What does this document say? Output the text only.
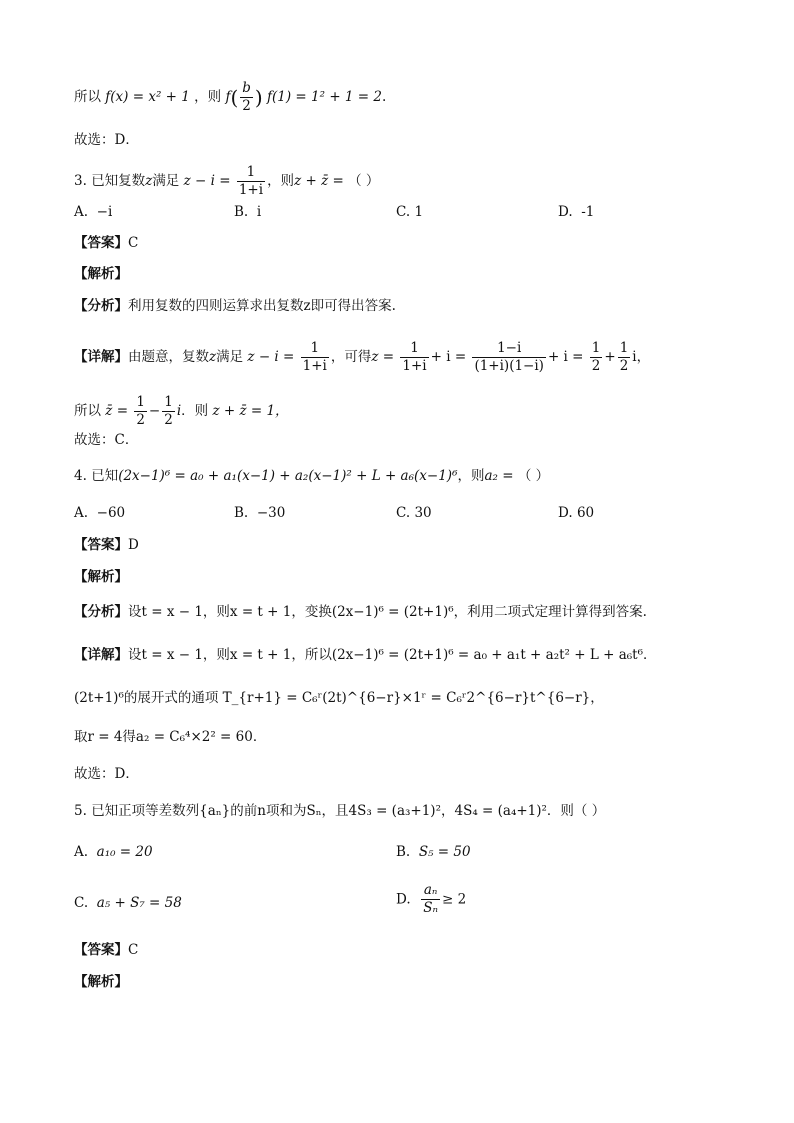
所以 f(x) = x² + 1 ，则 $f( \frac{b}{2}$ ) f(1) = 1² + 1 = 2.
故选：D．
3. 已知复数z满足 $z - i = \frac{1}{1+i}$ ，则z + z̄ = （ ）
A. −i	B. i	C. 1	D. -1
【答案】C
【解析】
【分析】利用复数的四则运算求出复数z即可得出答案.
【详解】由题意，复数z满足 $z - i = \frac{1}{1+i}$ ，可得$z = \frac{1}{1+i} + i = \frac{1-i}{(1+i)(1-i)} + i = \frac{1}{2} + \frac{1}{2}$ i，
所以 z̄ = $\frac{1}{2} - \frac{1}{2}$ i．则 z + z̄ = 1，
故选：C．
4. 已知(2x−1)⁶ = a₀ + a₁(x−1) + a₂(x−1)² + L + a₆(x−1)⁶，则a₂ = （ ）
A. −60	B. −30	C. 30	D. 60
【答案】D
【解析】
【分析】设t = x − 1，则x = t + 1，变换(2x−1)⁶ = (2t+1)⁶，利用二项式定理计算得到答案.
【详解】设t = x − 1，则x = t + 1，所以(2x−1)⁶ = (2t+1)⁶ = a₀ + a₁t + a₂t² + L + a₆t⁶．
(2t+1)⁶的展开式的通项 T_{r+1} = C₆ʳ(2t)^{6−r}×1ʳ = C₆ʳ2^{6−r}t^{6−r}，
取r = 4得a₂ = C₆⁴×2² = 60．
故选：D．
5. 已知正项等差数列{aₙ}的前n项和为Sₙ，且4S₃ = (a₃+1)²，4S₄ = (a₄+1)²．则（ ）
A. a₁₀ = 20	B. S₅ = 50
C. a₅ + S₇ = 58	D. $\frac{\text{aₙ}}{\text{Sₙ}} \ge 2$
【答案】C
【解析】
